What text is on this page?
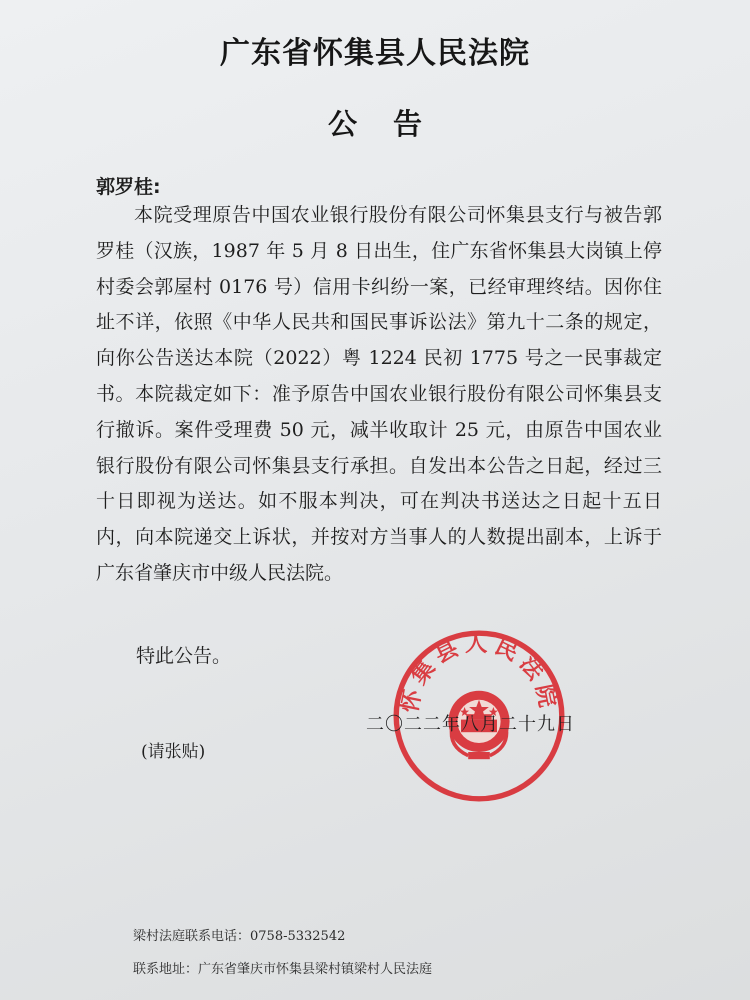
广东省怀集县人民法院
公告
郭罗桂:

本院受理原告中国农业银行股份有限公司怀集县支行与被告郭罗桂（汉族，1987 年 5 月 8 日出生，住广东省怀集县大岗镇上停村委会郭屋村 0176 号）信用卡纠纷一案，已经审理终结。因你住址不详，依照《中华人民共和国民事诉讼法》第九十二条的规定，向你公告送达本院（2022）粤 1224 民初 1775 号之一民事裁定书。本院裁定如下：准予原告中国农业银行股份有限公司怀集县支行撤诉。案件受理费 50 元，减半收取计 25 元，由原告中国农业银行股份有限公司怀集县支行承担。自发出本公告之日起，经过三十日即视为送达。如不服本判决，可在判决书送达之日起十五日内，向本院递交上诉状，并按对方当事人的人数提出副本，上诉于广东省肇庆市中级人民法院。

特此公告。
怀集县人民法院
二〇二二年八月二十九日
(请张贴)
梁村法庭联系电话：0758-5332542
联系地址：广东省肇庆市怀集县梁村镇梁村人民法庭
